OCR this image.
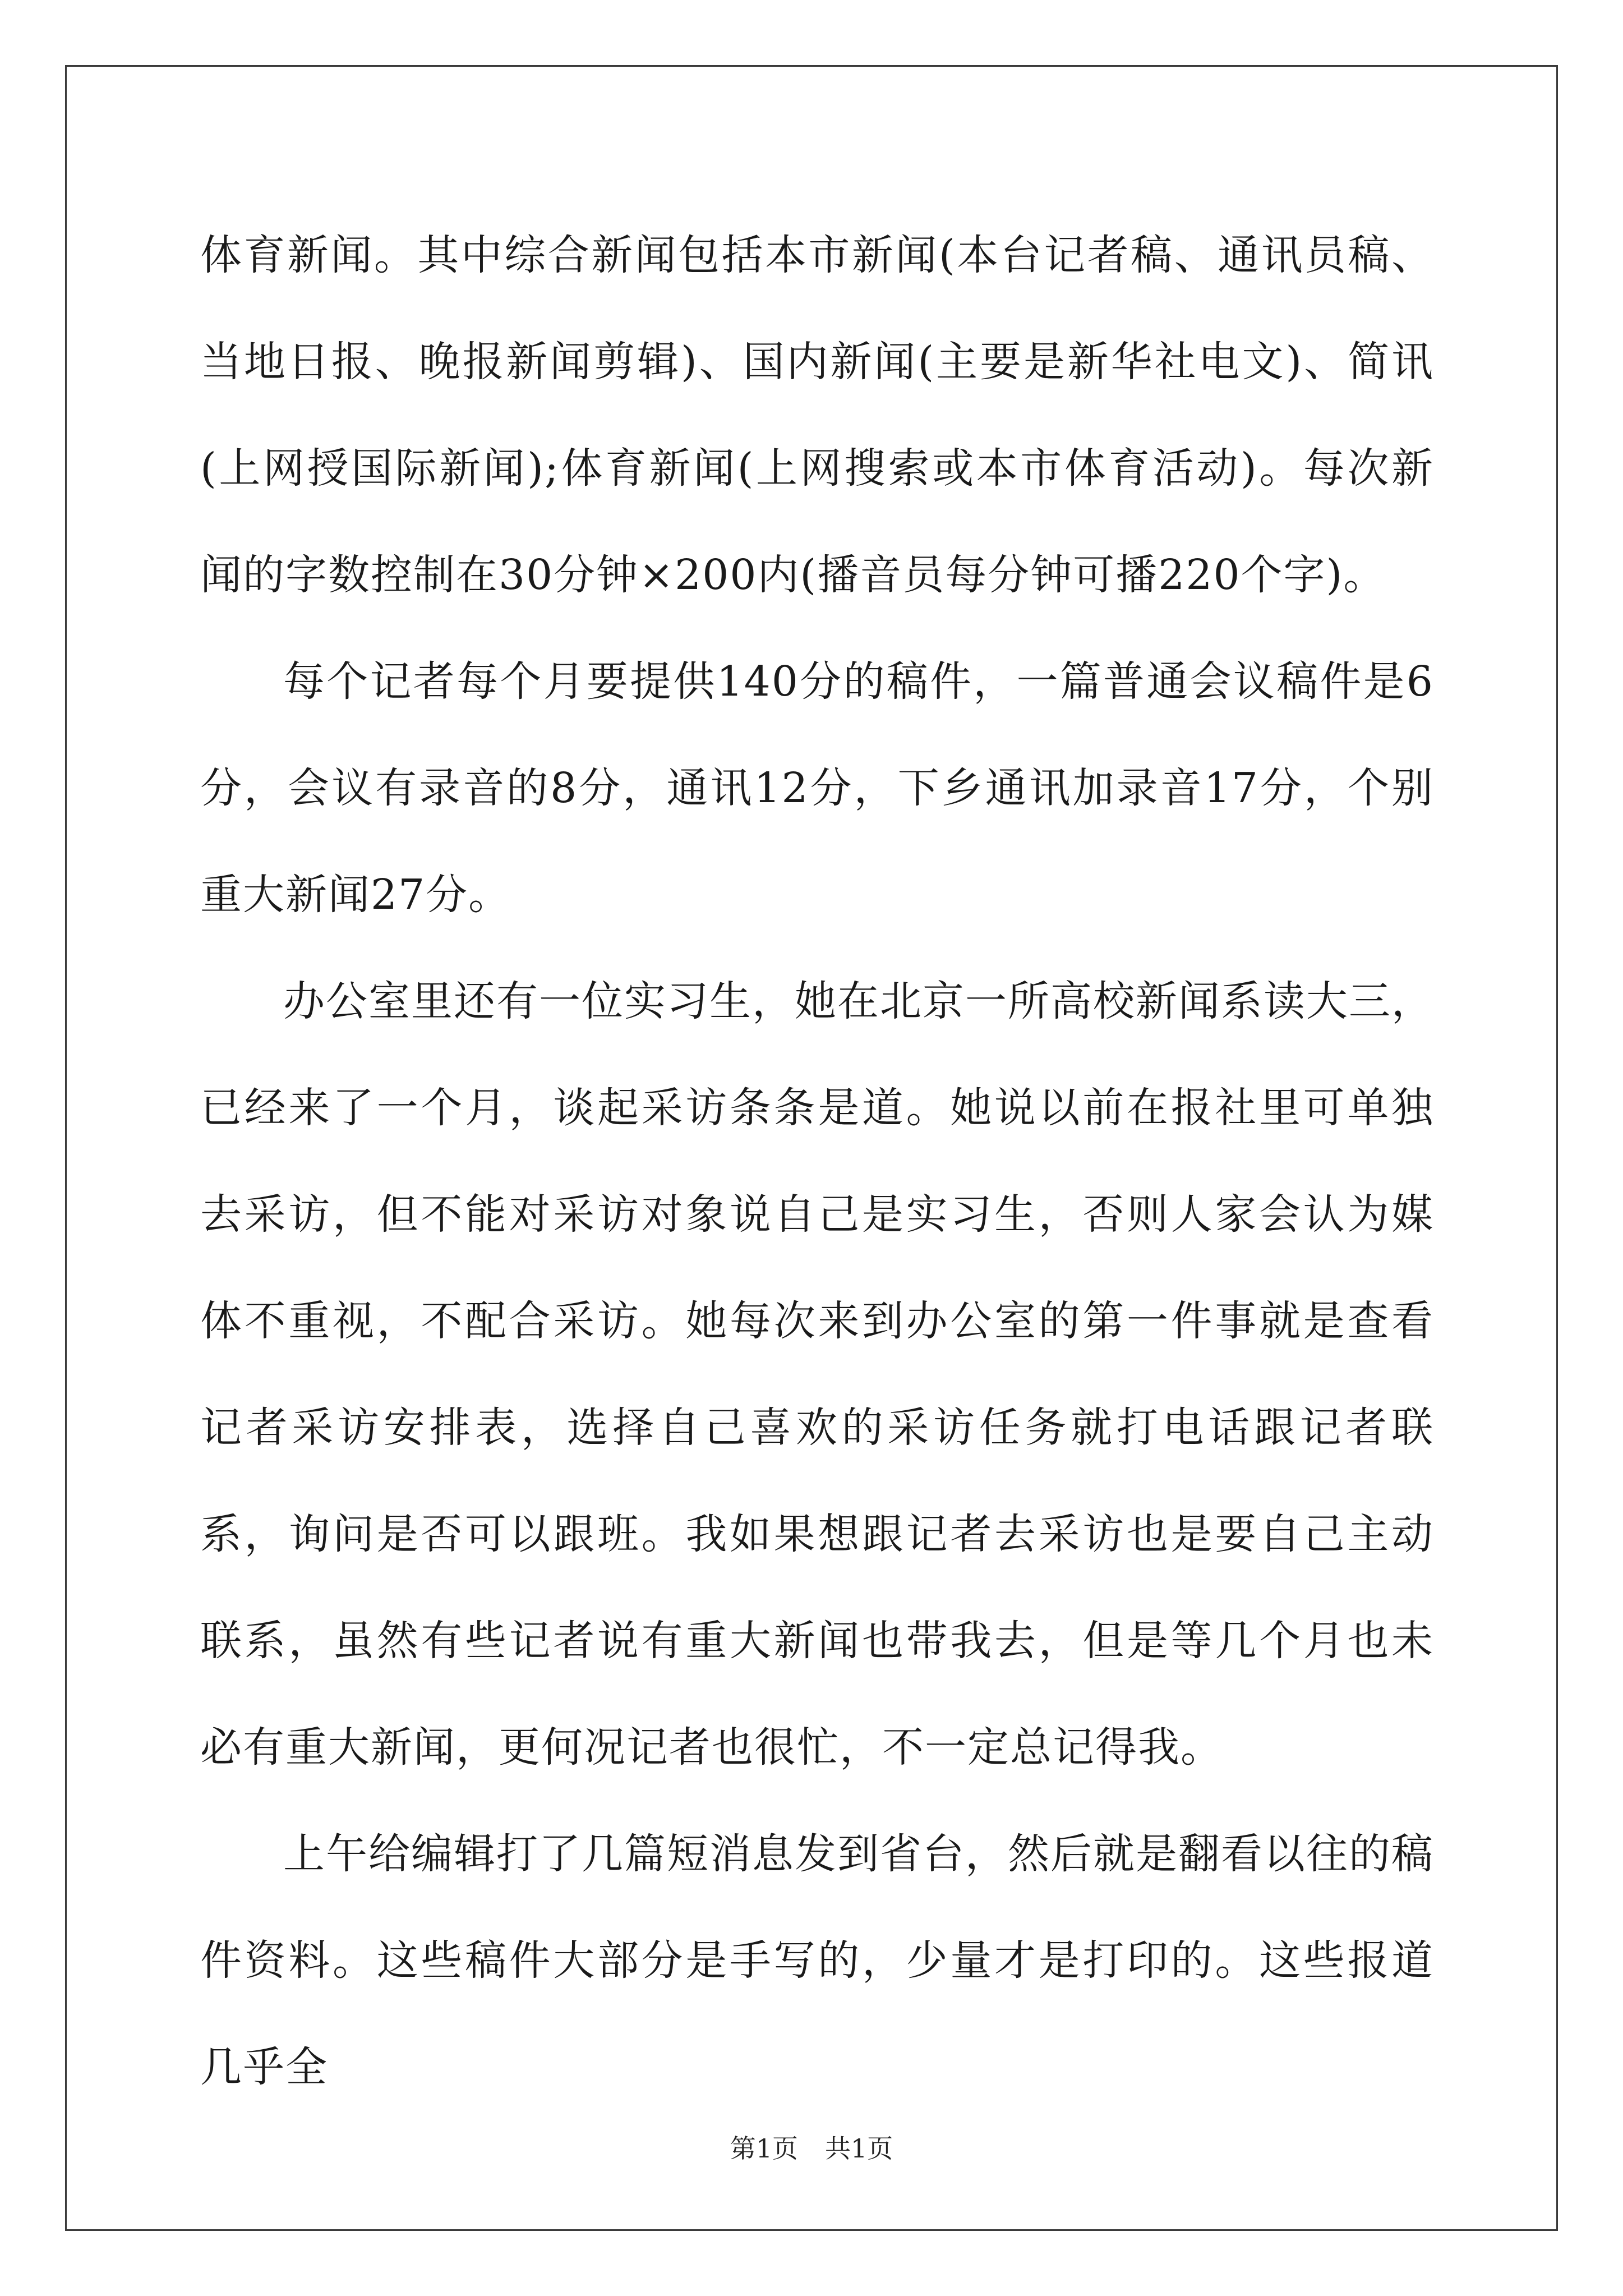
体育新闻。其中综合新闻包括本市新闻(本台记者稿、通讯员稿、当地日报、晚报新闻剪辑)、国内新闻(主要是新华社电文)、简讯(上网授国际新闻);体育新闻(上网搜索或本市体育活动)。每次新闻的字数控制在30分钟×200内(播音员每分钟可播220个字)。

每个记者每个月要提供140分的稿件，一篇普通会议稿件是6分，会议有录音的8分，通讯12分，下乡通讯加录音17分，个别重大新闻27分。

办公室里还有一位实习生，她在北京一所高校新闻系读大三，已经来了一个月，谈起采访条条是道。她说以前在报社里可单独去采访，但不能对采访对象说自己是实习生，否则人家会认为媒体不重视，不配合采访。她每次来到办公室的第一件事就是查看记者采访安排表，选择自己喜欢的采访任务就打电话跟记者联系，询问是否可以跟班。我如果想跟记者去采访也是要自己主动联系，虽然有些记者说有重大新闻也带我去，但是等几个月也未必有重大新闻，更何况记者也很忙，不一定总记得我。

上午给编辑打了几篇短消息发到省台，然后就是翻看以往的稿件资料。这些稿件大部分是手写的，少量才是打印的。这些报道几乎全

第1页 共1页
